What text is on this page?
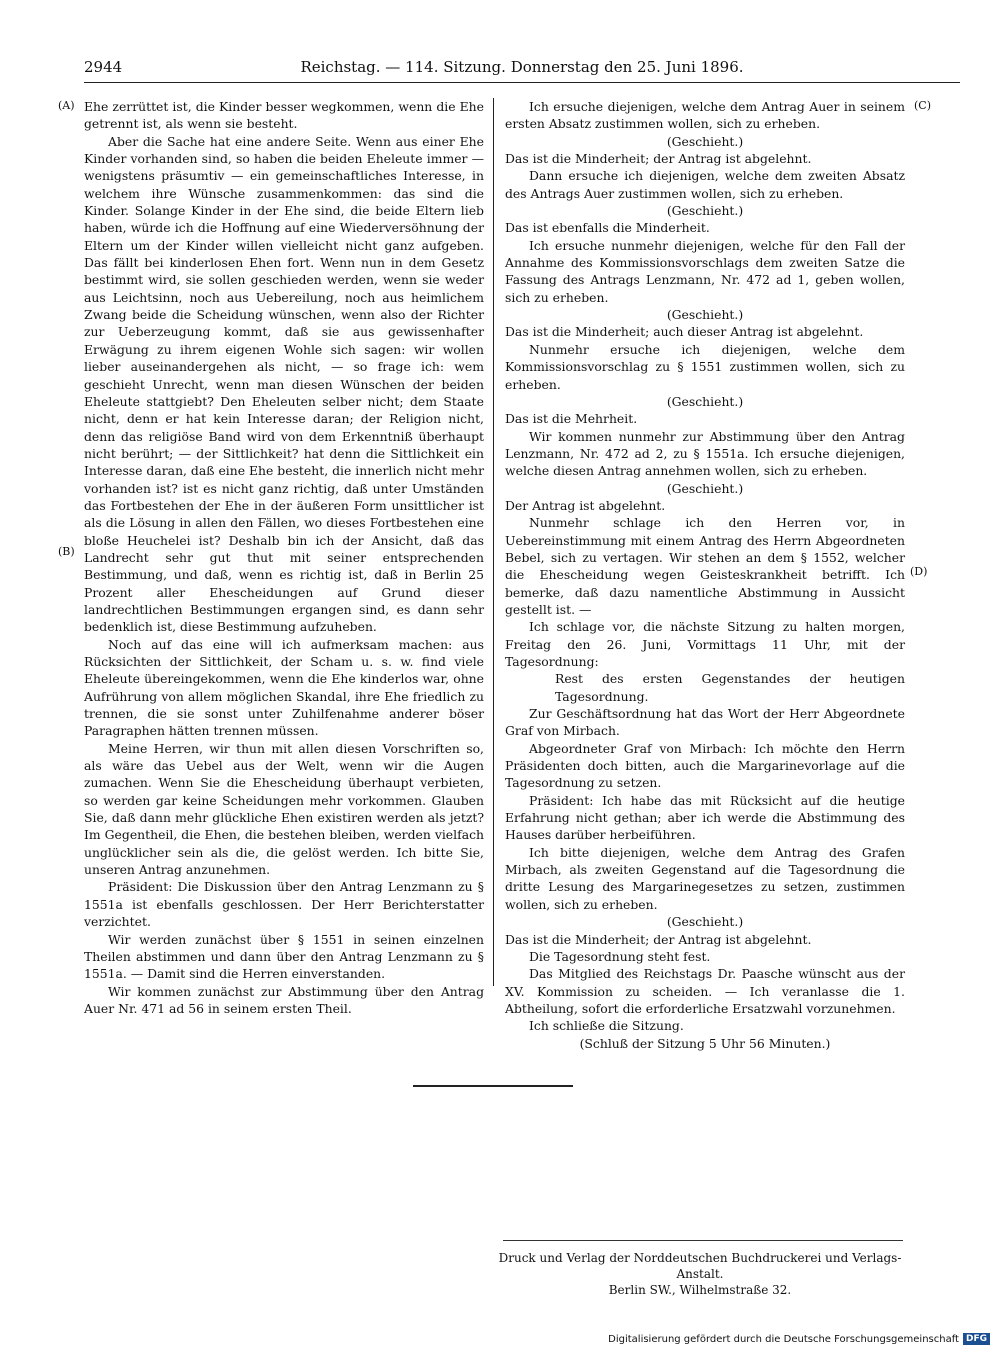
2944	Reichstag. — 114. Sitzung. Donnerstag den 25. Juni 1896.
(A)
(B)
(C)
(D)

Ehe zerrüttet ist, die Kinder besser wegkommen, wenn die Ehe getrennt ist, als wenn sie besteht.

Aber die Sache hat eine andere Seite. Wenn aus einer Ehe Kinder vorhanden sind, so haben die beiden Eheleute immer — wenigstens präsumtiv — ein gemeinschaftliches Interesse, in welchem ihre Wünsche zusammenkommen: das sind die Kinder. Solange Kinder in der Ehe sind, die beide Eltern lieb haben, würde ich die Hoffnung auf eine Wiederversöhnung der Eltern um der Kinder willen vielleicht nicht ganz aufgeben. Das fällt bei kinderlosen Ehen fort. Wenn nun in dem Gesetz bestimmt wird, sie sollen geschieden werden, wenn sie weder aus Leichtsinn, noch aus Uebereilung, noch aus heimlichem Zwang beide die Scheidung wünschen, wenn also der Richter zur Ueberzeugung kommt, daß sie aus gewissenhafter Erwägung zu ihrem eigenen Wohle sich sagen: wir wollen lieber auseinandergehen als nicht, — so frage ich: wem geschieht Unrecht, wenn man diesen Wünschen der beiden Eheleute stattgiebt? Den Eheleuten selber nicht; dem Staate nicht, denn er hat kein Interesse daran; der Religion nicht, denn das religiöse Band wird von dem Erkenntniß überhaupt nicht berührt; — der Sittlichkeit? hat denn die Sittlichkeit ein Interesse daran, daß eine Ehe besteht, die innerlich nicht mehr vorhanden ist? ist es nicht ganz richtig, daß unter Umständen das Fortbestehen der Ehe in der äußeren Form unsittlicher ist als die Lösung in allen den Fällen, wo dieses Fortbestehen eine bloße Heuchelei ist? Deshalb bin ich der Ansicht, daß das Landrecht sehr gut thut mit seiner entsprechenden Bestimmung, und daß, wenn es richtig ist, daß in Berlin 25 Prozent aller Ehescheidungen auf Grund dieser landrechtlichen Bestimmungen ergangen sind, es dann sehr bedenklich ist, diese Bestimmung aufzuheben.

Noch auf das eine will ich aufmerksam machen: aus Rücksichten der Sittlichkeit, der Scham u. s. w. find viele Eheleute übereingekommen, wenn die Ehe kinderlos war, ohne Aufrührung von allem möglichen Skandal, ihre Ehe friedlich zu trennen, die sie sonst unter Zuhilfenahme anderer böser Paragraphen hätten trennen müssen.

Meine Herren, wir thun mit allen diesen Vorschriften so, als wäre das Uebel aus der Welt, wenn wir die Augen zumachen. Wenn Sie die Ehescheidung überhaupt verbieten, so werden gar keine Scheidungen mehr vorkommen. Glauben Sie, daß dann mehr glückliche Ehen existiren werden als jetzt? Im Gegentheil, die Ehen, die bestehen bleiben, werden vielfach unglücklicher sein als die, die gelöst werden. Ich bitte Sie, unseren Antrag anzunehmen.

Präsident: Die Diskussion über den Antrag Lenzmann zu § 1551a ist ebenfalls geschlossen. Der Herr Berichterstatter verzichtet.

Wir werden zunächst über § 1551 in seinen einzelnen Theilen abstimmen und dann über den Antrag Lenzmann zu § 1551a. — Damit sind die Herren einverstanden.

Wir kommen zunächst zur Abstimmung über den Antrag Auer Nr. 471 ad 56 in seinem ersten Theil.

Ich ersuche diejenigen, welche dem Antrag Auer in seinem ersten Absatz zustimmen wollen, sich zu erheben.

(Geschieht.)

Das ist die Minderheit; der Antrag ist abgelehnt.

Dann ersuche ich diejenigen, welche dem zweiten Absatz des Antrags Auer zustimmen wollen, sich zu erheben.

(Geschieht.)

Das ist ebenfalls die Minderheit.

Ich ersuche nunmehr diejenigen, welche für den Fall der Annahme des Kommissionsvorschlags dem zweiten Satze die Fassung des Antrags Lenzmann, Nr. 472 ad 1, geben wollen, sich zu erheben.

(Geschieht.)

Das ist die Minderheit; auch dieser Antrag ist abgelehnt.

Nunmehr ersuche ich diejenigen, welche dem Kommissionsvorschlag zu § 1551 zustimmen wollen, sich zu erheben.

(Geschieht.)

Das ist die Mehrheit.

Wir kommen nunmehr zur Abstimmung über den Antrag Lenzmann, Nr. 472 ad 2, zu § 1551a. Ich ersuche diejenigen, welche diesen Antrag annehmen wollen, sich zu erheben.

(Geschieht.)

Der Antrag ist abgelehnt.

Nunmehr schlage ich den Herren vor, in Uebereinstimmung mit einem Antrag des Herrn Abgeordneten Bebel, sich zu vertagen. Wir stehen an dem § 1552, welcher die Ehescheidung wegen Geisteskrankheit betrifft. Ich bemerke, daß dazu namentliche Abstimmung in Aussicht gestellt ist. —

Ich schlage vor, die nächste Sitzung zu halten morgen, Freitag den 26. Juni, Vormittags 11 Uhr, mit der Tagesordnung:

Rest des ersten Gegenstandes der heutigen Tagesordnung.

Zur Geschäftsordnung hat das Wort der Herr Abgeordnete Graf von Mirbach.

Abgeordneter Graf von Mirbach: Ich möchte den Herrn Präsidenten doch bitten, auch die Margarinevorlage auf die Tagesordnung zu setzen.

Präsident: Ich habe das mit Rücksicht auf die heutige Erfahrung nicht gethan; aber ich werde die Abstimmung des Hauses darüber herbeiführen.

Ich bitte diejenigen, welche dem Antrag des Grafen Mirbach, als zweiten Gegenstand auf die Tagesordnung die dritte Lesung des Margarinegesetzes zu setzen, zustimmen wollen, sich zu erheben.

(Geschieht.)

Das ist die Minderheit; der Antrag ist abgelehnt.

Die Tagesordnung steht fest.

Das Mitglied des Reichstags Dr. Paasche wünscht aus der XV. Kommission zu scheiden. — Ich veranlasse die 1. Abtheilung, sofort die erforderliche Ersatzwahl vorzunehmen.

Ich schließe die Sitzung.

(Schluß der Sitzung 5 Uhr 56 Minuten.)

Druck und Verlag der Norddeutschen Buchdruckerei und Verlags-Anstalt.

Berlin SW., Wilhelmstraße 32.

Digitalisierung gefördert durch die Deutsche Forschungsgemeinschaft DFG
